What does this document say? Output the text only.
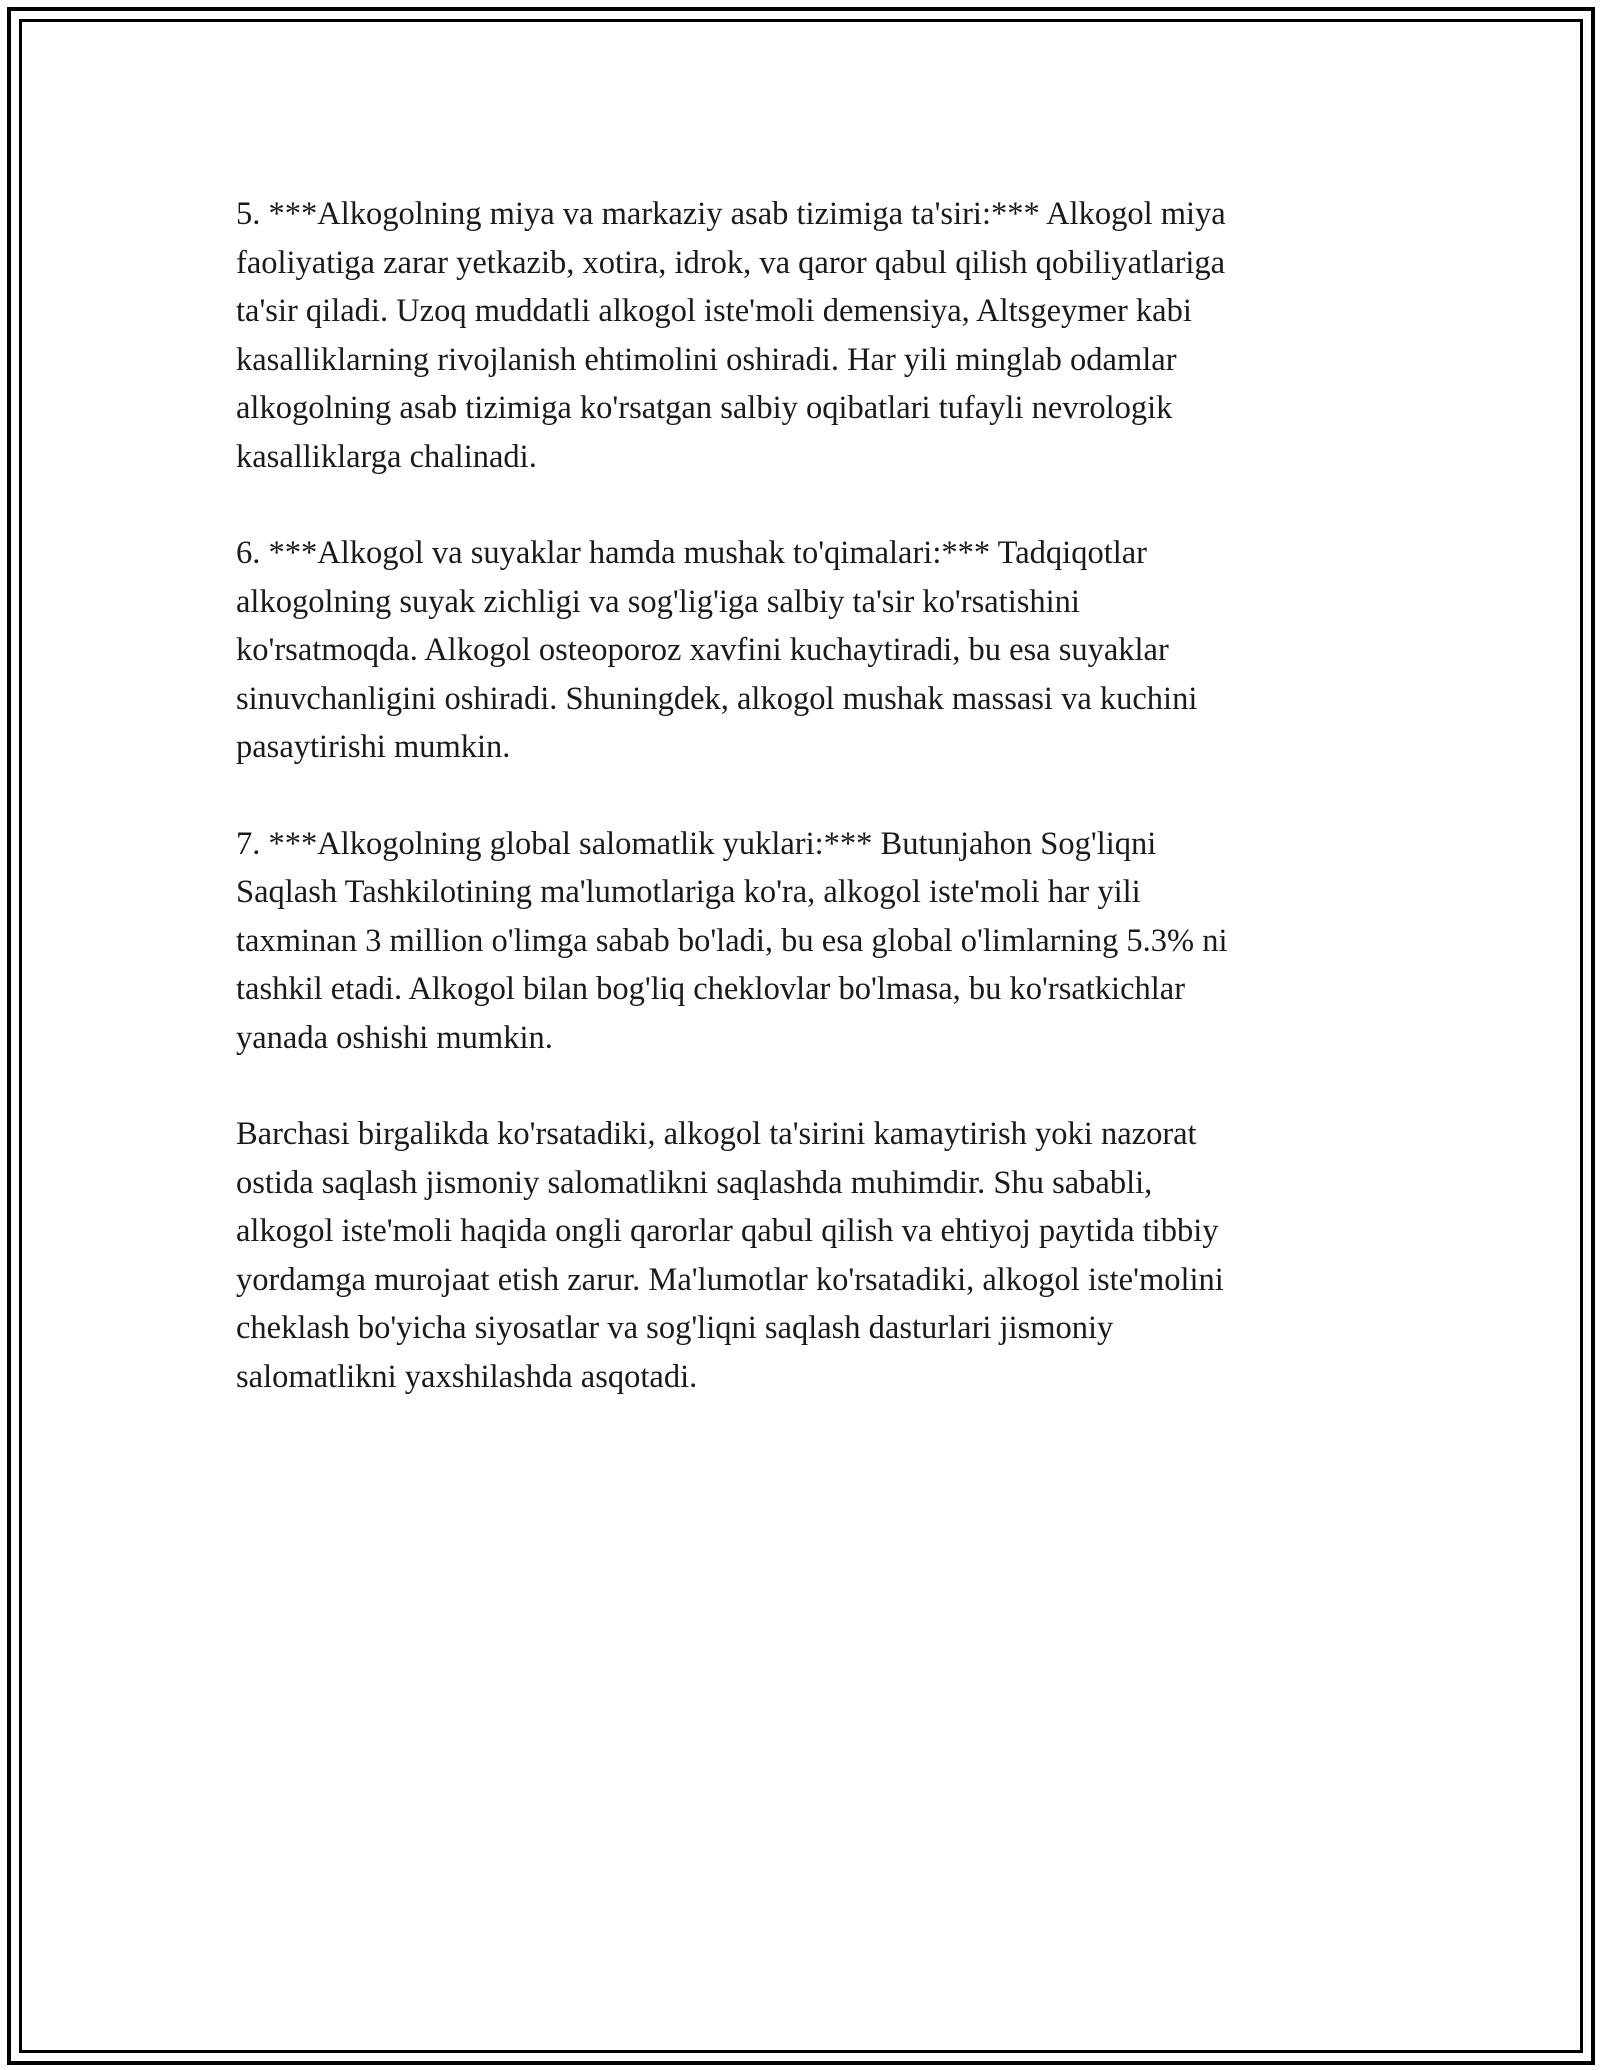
5. ***Alkogolning miya va markaziy asab tizimiga ta'siri:*** Alkogol miya
faoliyatiga zarar yetkazib, xotira, idrok, va qaror qabul qilish qobiliyatlariga
ta'sir qiladi. Uzoq muddatli alkogol iste'moli demensiya, Altsgeymer kabi
kasalliklarning rivojlanish ehtimolini oshiradi. Har yili minglab odamlar
alkogolning asab tizimiga ko'rsatgan salbiy oqibatlari tufayli nevrologik
kasalliklarga chalinadi.

6. ***Alkogol va suyaklar hamda mushak to'qimalari:*** Tadqiqotlar
alkogolning suyak zichligi va sog'lig'iga salbiy ta'sir ko'rsatishini
ko'rsatmoqda. Alkogol osteoporoz xavfini kuchaytiradi, bu esa suyaklar
sinuvchanligini oshiradi. Shuningdek, alkogol mushak massasi va kuchini
pasaytirishi mumkin.

7. ***Alkogolning global salomatlik yuklari:*** Butunjahon Sog'liqni
Saqlash Tashkilotining ma'lumotlariga ko'ra, alkogol iste'moli har yili
taxminan 3 million o'limga sabab bo'ladi, bu esa global o'limlarning 5.3% ni
tashkil etadi. Alkogol bilan bog'liq cheklovlar bo'lmasa, bu ko'rsatkichlar
yanada oshishi mumkin.

Barchasi birgalikda ko'rsatadiki, alkogol ta'sirini kamaytirish yoki nazorat
ostida saqlash jismoniy salomatlikni saqlashda muhimdir. Shu sababli,
alkogol iste'moli haqida ongli qarorlar qabul qilish va ehtiyoj paytida tibbiy
yordamga murojaat etish zarur. Ma'lumotlar ko'rsatadiki, alkogol iste'molini
cheklash bo'yicha siyosatlar va sog'liqni saqlash dasturlari jismoniy
salomatlikni yaxshilashda asqotadi.
